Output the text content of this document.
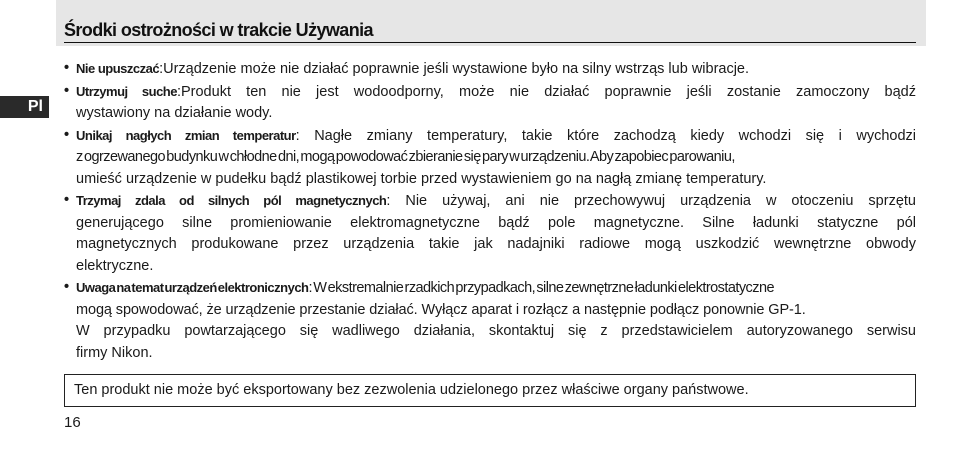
Środki ostrożności w trakcie Używania
Pl
• Nie upuszczać:Urządzenie może nie działać poprawnie jeśli wystawione było na silny wstrząs lub wibracje.
• Utrzymuj suche:Produkt ten nie jest wodoodporny, może nie działać poprawnie jeśli zostanie zamoczony bądź
wystawiony na działanie wody.
• Unikaj nagłych zmian temperatur: Nagłe zmiany temperatury, takie które zachodzą kiedy wchodzi się i wychodzi
z ogrzewanego budynku w chłodne dni, mogą powodować zbieranie się pary w urządzeniu. Aby zapobiec parowaniu,
umieść urządzenie w pudełku bądź plastikowej torbie przed wystawieniem go na nagłą zmianę temperatury.
• Trzymaj zdala od silnych pól magnetycznych: Nie używaj, ani nie przechowywuj urządzenia w otoczeniu sprzętu
generującego silne promieniowanie elektromagnetyczne bądź pole magnetyczne. Silne ładunki statyczne pól
magnetycznych produkowane przez urządzenia takie jak nadajniki radiowe mogą uszkodzić wewnętrzne obwody
elektryczne.
• Uwaga na temat urządzeń elektronicznych: W ekstremalnie rzadkich przypadkach, silne zewnętrzne ładunki elektrostatyczne
mogą spowodować, że urządzenie przestanie działać. Wyłącz aparat i rozłącz a następnie podłącz ponownie GP-1.
W przypadku powtarzającego się wadliwego działania, skontaktuj się z przedstawicielem autoryzowanego serwisu
firmy Nikon.
Ten produkt nie może być eksportowany bez zezwolenia udzielonego przez właściwe organy państwowe.
16
